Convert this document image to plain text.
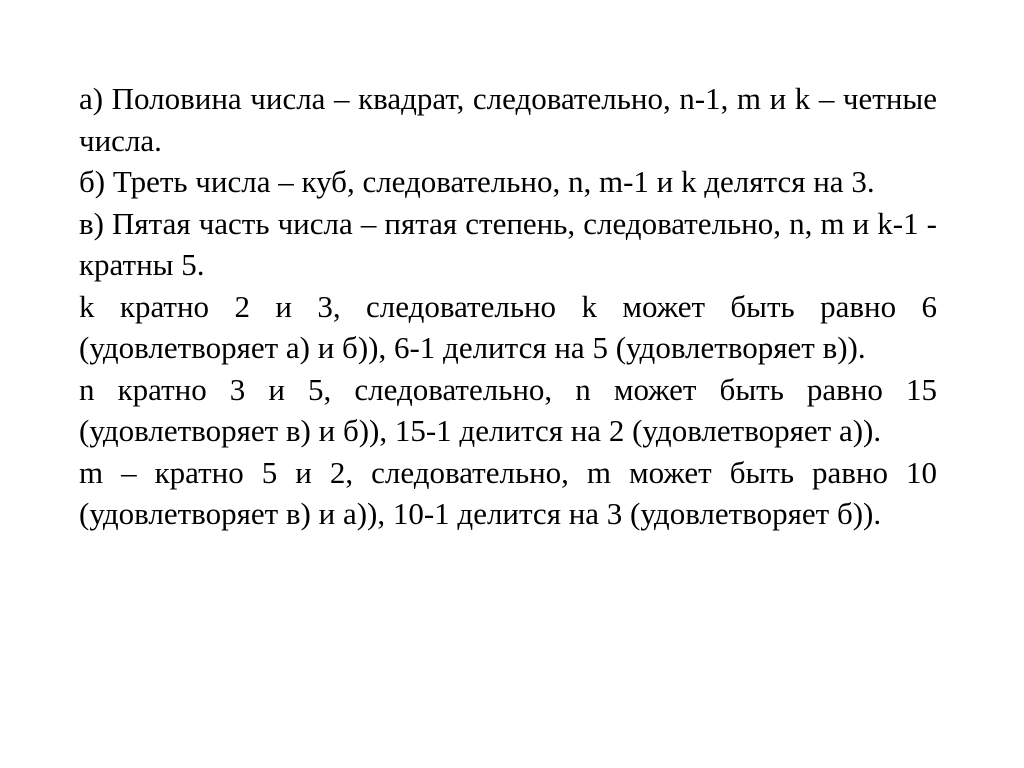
а) Половина числа – квадрат, следовательно, n-1, m и k – четные числа.

б) Треть числа – куб, следовательно, n, m-1 и k делятся на 3.

в) Пятая часть числа – пятая степень, следовательно, n, m и k-1 - кратны 5.

k кратно 2 и 3, следовательно k может быть равно 6 (удовлетворяет а) и б)), 6-1 делится на 5 (удовлетворяет в)).

n кратно 3 и 5, следовательно, n может быть равно 15 (удовлетворяет в) и б)), 15-1 делится на 2 (удовлетворяет а)).

m – кратно 5 и 2, следовательно, m может быть равно 10 (удовлетворяет в) и а)), 10-1 делится на 3 (удовлетворяет б)).
